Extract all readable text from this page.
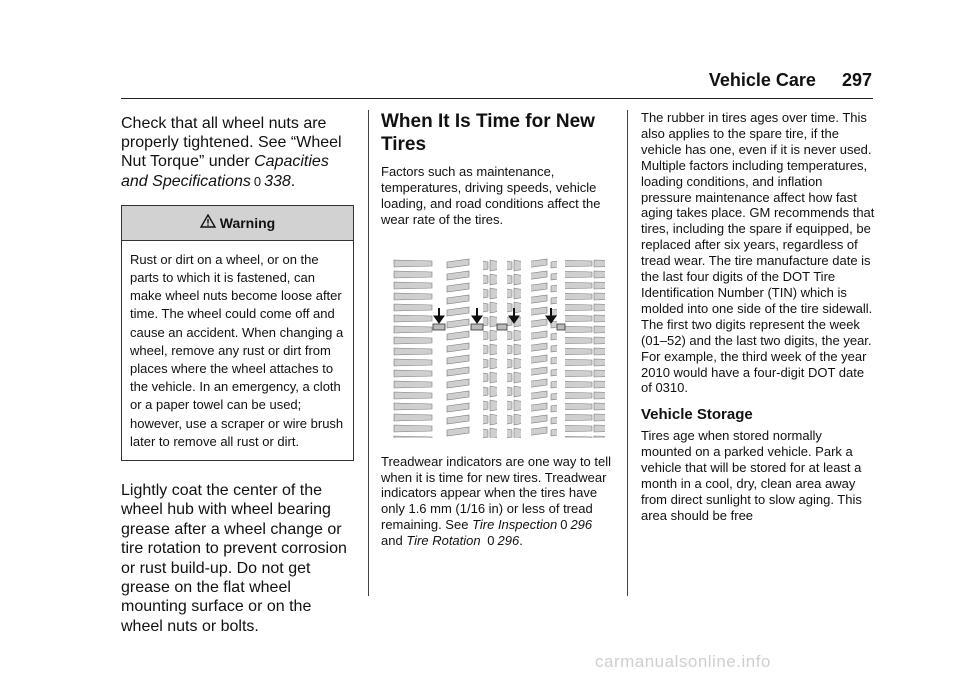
Vehicle Care 297

Check that all wheel nuts are properly tightened. See “Wheel Nut Torque” under Capacities and Specifications 0 338.

Warning
Rust or dirt on a wheel, or on the parts to which it is fastened, can make wheel nuts become loose after time. The wheel could come off and cause an accident. When changing a wheel, remove any rust or dirt from places where the wheel attaches to the vehicle. In an emergency, a cloth or a paper towel can be used; however, use a scraper or wire brush later to remove all rust or dirt.

Lightly coat the center of the wheel hub with wheel bearing grease after a wheel change or tire rotation to prevent corrosion or rust build-up. Do not get grease on the flat wheel mounting surface or on the wheel nuts or bolts.

When It Is Time for New Tires

Factors such as maintenance, temperatures, driving speeds, vehicle loading, and road conditions affect the wear rate of the tires.

Treadwear indicators are one way to tell when it is time for new tires. Treadwear indicators appear when the tires have only 1.6 mm (1/16 in) or less of tread remaining. See Tire Inspection 0 296 and Tire Rotation 0 296.

The rubber in tires ages over time. This also applies to the spare tire, if the vehicle has one, even if it is never used. Multiple factors including temperatures, loading conditions, and inflation pressure maintenance affect how fast aging takes place. GM recommends that tires, including the spare if equipped, be replaced after six years, regardless of tread wear. The tire manufacture date is the last four digits of the DOT Tire Identification Number (TIN) which is molded into one side of the tire sidewall. The first two digits represent the week (01–52) and the last two digits, the year. For example, the third week of the year 2010 would have a four-digit DOT date of 0310.

Vehicle Storage

Tires age when stored normally mounted on a parked vehicle. Park a vehicle that will be stored for at least a month in a cool, dry, clean area away from direct sunlight to slow aging. This area should be free

carmanualsonline.info
